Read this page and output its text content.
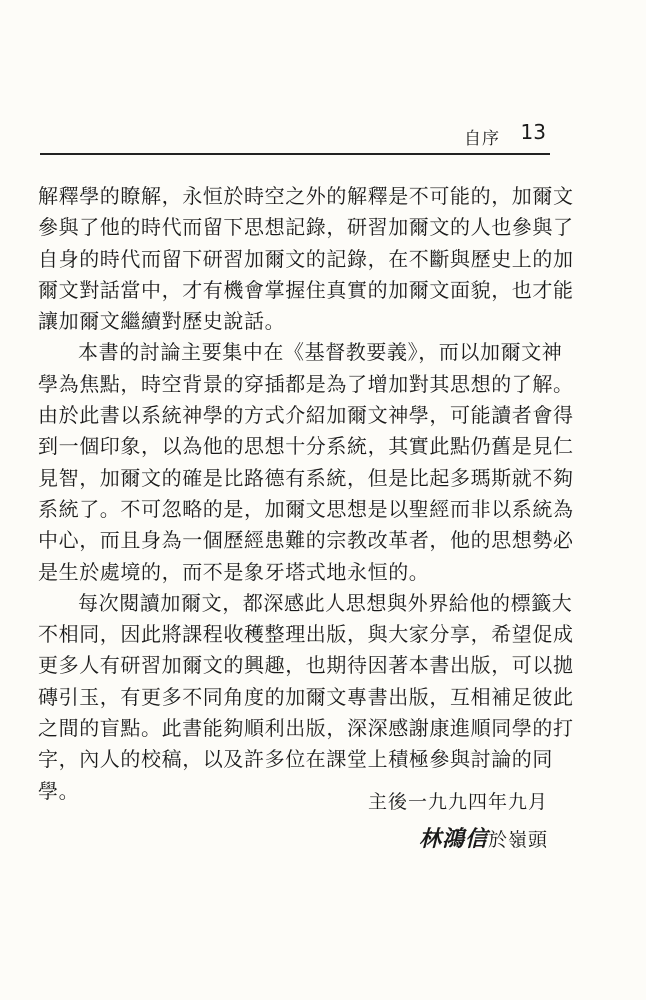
自序 13

解釋學的瞭解，永恒於時空之外的解釋是不可能的，加爾文
參與了他的時代而留下思想記錄，研習加爾文的人也參與了
自身的時代而留下研習加爾文的記錄，在不斷與歷史上的加
爾文對話當中，才有機會掌握住真實的加爾文面貌，也才能
讓加爾文繼續對歷史說話。

本書的討論主要集中在《基督教要義》，而以加爾文神
學為焦點，時空背景的穿插都是為了增加對其思想的了解。
由於此書以系統神學的方式介紹加爾文神學，可能讀者會得
到一個印象，以為他的思想十分系統，其實此點仍舊是見仁
見智，加爾文的確是比路德有系統，但是比起多瑪斯就不夠
系統了。不可忽略的是，加爾文思想是以聖經而非以系統為
中心，而且身為一個歷經患難的宗教改革者，他的思想勢必
是生於處境的，而不是象牙塔式地永恒的。

每次閱讀加爾文，都深感此人思想與外界給他的標籤大
不相同，因此將課程收穫整理出版，與大家分享，希望促成
更多人有研習加爾文的興趣，也期待因著本書出版，可以拋
磚引玉，有更多不同角度的加爾文專書出版，互相補足彼此
之間的盲點。此書能夠順利出版，深深感謝康進順同學的打
字，內人的校稿，以及許多位在課堂上積極參與討論的同
學。	主後一九九四年九月
林鴻信於嶺頭
